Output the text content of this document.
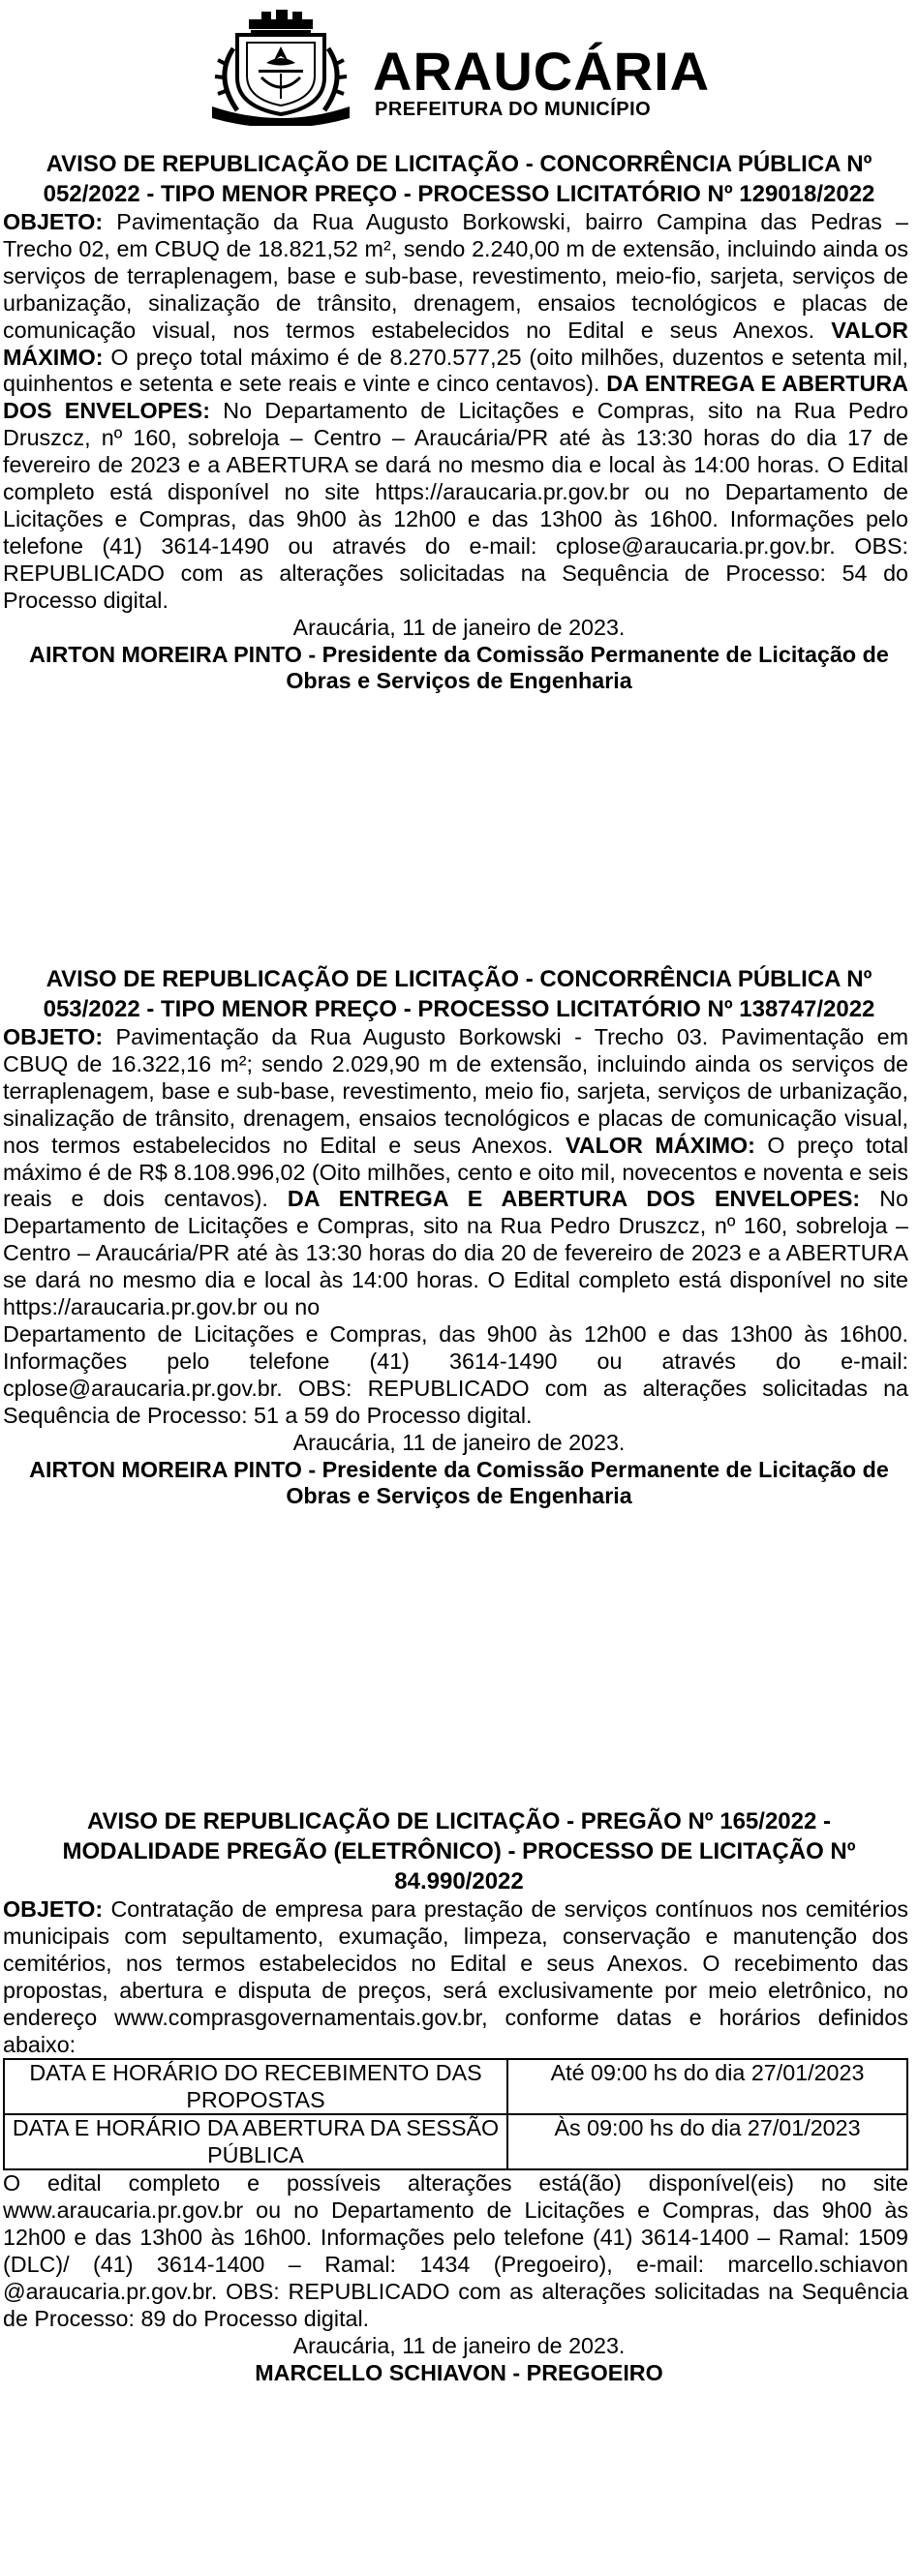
ARAUCÁRIA
PREFEITURA DO MUNICÍPIO
AVISO DE REPUBLICAÇÃO DE LICITAÇÃO - CONCORRÊNCIA PÚBLICA Nº 052/2022 - TIPO MENOR PREÇO - PROCESSO LICITATÓRIO Nº 129018/2022
OBJETO: Pavimentação da Rua Augusto Borkowski, bairro Campina das Pedras – Trecho 02, em CBUQ de 18.821,52 m², sendo 2.240,00 m de extensão, incluindo ainda os serviços de terraplenagem, base e sub-base, revestimento, meio-fio, sarjeta, serviços de urbanização, sinalização de trânsito, drenagem, ensaios tecnológicos e placas de comunicação visual, nos termos estabelecidos no Edital e seus Anexos. VALOR MÁXIMO: O preço total máximo é de 8.270.577,25 (oito milhões, duzentos e setenta mil, quinhentos e setenta e sete reais e vinte e cinco centavos). DA ENTREGA E ABERTURA DOS ENVELOPES: No Departamento de Licitações e Compras, sito na Rua Pedro Druszcz, nº 160, sobreloja – Centro – Araucária/PR até às 13:30 horas do dia 17 de fevereiro de 2023 e a ABERTURA se dará no mesmo dia e local às 14:00 horas. O Edital completo está disponível no site https://araucaria.pr.gov.br ou no Departamento de Licitações e Compras, das 9h00 às 12h00 e das 13h00 às 16h00. Informações pelo telefone (41) 3614-1490 ou através do e-mail: cplose@araucaria.pr.gov.br. OBS: REPUBLICADO com as alterações solicitadas na Sequência de Processo: 54 do Processo digital.
Araucária, 11 de janeiro de 2023.
AIRTON MOREIRA PINTO - Presidente da Comissão Permanente de Licitação de Obras e Serviços de Engenharia
AVISO DE REPUBLICAÇÃO DE LICITAÇÃO - CONCORRÊNCIA PÚBLICA Nº 053/2022 - TIPO MENOR PREÇO - PROCESSO LICITATÓRIO Nº 138747/2022
OBJETO: Pavimentação da Rua Augusto Borkowski - Trecho 03. Pavimentação em CBUQ de 16.322,16 m²; sendo 2.029,90 m de extensão, incluindo ainda os serviços de terraplenagem, base e sub-base, revestimento, meio fio, sarjeta, serviços de urbanização, sinalização de trânsito, drenagem, ensaios tecnológicos e placas de comunicação visual, nos termos estabelecidos no Edital e seus Anexos. VALOR MÁXIMO: O preço total máximo é de R$ 8.108.996,02 (Oito milhões, cento e oito mil, novecentos e noventa e seis reais e dois centavos). DA ENTREGA E ABERTURA DOS ENVELOPES: No Departamento de Licitações e Compras, sito na Rua Pedro Druszcz, nº 160, sobreloja – Centro – Araucária/PR até às 13:30 horas do dia 20 de fevereiro de 2023 e a ABERTURA se dará no mesmo dia e local às 14:00 horas. O Edital completo está disponível no site https://araucaria.pr.gov.br ou no
Departamento de Licitações e Compras, das 9h00 às 12h00 e das 13h00 às 16h00. Informações pelo telefone (41) 3614-1490 ou através do e-mail: cplose@araucaria.pr.gov.br. OBS: REPUBLICADO com as alterações solicitadas na Sequência de Processo: 51 a 59 do Processo digital.
Araucária, 11 de janeiro de 2023.
AIRTON MOREIRA PINTO - Presidente da Comissão Permanente de Licitação de Obras e Serviços de Engenharia
AVISO DE REPUBLICAÇÃO DE LICITAÇÃO - PREGÃO Nº 165/2022 - MODALIDADE PREGÃO (ELETRÔNICO) - PROCESSO DE LICITAÇÃO Nº 84.990/2022
OBJETO: Contratação de empresa para prestação de serviços contínuos nos cemitérios municipais com sepultamento, exumação, limpeza, conservação e manutenção dos cemitérios, nos termos estabelecidos no Edital e seus Anexos. O recebimento das propostas, abertura e disputa de preços, será exclusivamente por meio eletrônico, no endereço www.comprasgovernamentais.gov.br, conforme datas e horários definidos abaixo:
DATA E HORÁRIO DO RECEBIMENTO DAS PROPOSTAS	Até 09:00 hs do dia 27/01/2023
DATA E HORÁRIO DA ABERTURA DA SESSÃO PÚBLICA	Às 09:00 hs do dia 27/01/2023
O edital completo e possíveis alterações está(ão) disponível(eis) no site www.araucaria.pr.gov.br ou no Departamento de Licitações e Compras, das 9h00 às 12h00 e das 13h00 às 16h00. Informações pelo telefone (41) 3614-1400 – Ramal: 1509 (DLC)/ (41) 3614-1400 – Ramal: 1434 (Pregoeiro), e-mail: marcello.schiavon @araucaria.pr.gov.br. OBS: REPUBLICADO com as alterações solicitadas na Sequência de Processo: 89 do Processo digital.
Araucária, 11 de janeiro de 2023.
MARCELLO SCHIAVON - PREGOEIRO
